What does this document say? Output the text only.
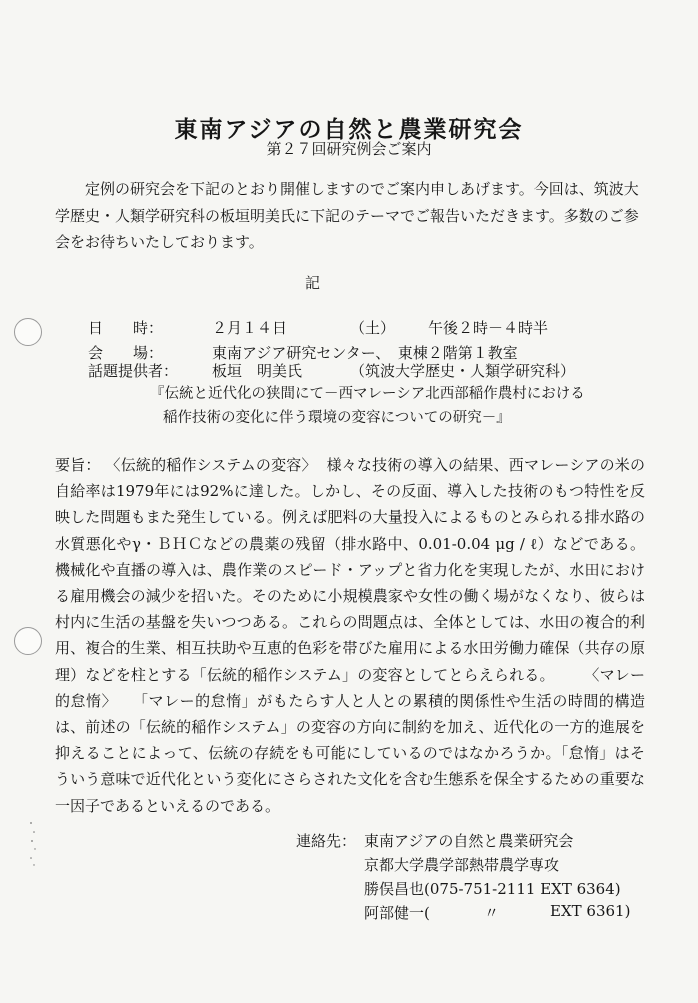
東南アジアの自然と農業研究会
第２７回研究例会ご案内
定例の研究会を下記のとおり開催しますのでご案内申しあげます。今回は、筑波大学歴史・人類学研究科の板垣明美氏に下記のテーマでご報告いただきます。多数のご参会をお待ちいたしております。
記
日　　時：	２月１４日	（土） 午後２時－４時半
会　　場：	東南アジア研究センター、　東棟２階第１教室
話題提供者： 板垣　明美氏	（筑波大学歴史・人類学研究科）
『伝統と近代化の狭間にて－西マレーシア北西部稲作農村における
稲作技術の変化に伴う環境の変容についての研究－』
要旨： 〈伝統的稲作システムの変容〉 様々な技術の導入の結果、西マレーシアの米の自給率は1979年には92%に達した。しかし、その反面、導入した技術のもつ特性を反映した問題もまた発生している。例えば肥料の大量投入によるものとみられる排水路の水質悪化やγ・ＢＨＣなどの農薬の残留（排水路中、0.01-0.04 μg / ℓ）などである。機械化や直播の導入は、農作業のスピード・アップと省力化を実現したが、水田における雇用機会の減少を招いた。そのために小規模農家や女性の働く場がなくなり、彼らは村内に生活の基盤を失いつつある。これらの問題点は、全体としては、水田の複合的利用、複合的生業、相互扶助や互恵的色彩を帯びた雇用による水田労働力確保（共存の原理）などを柱とする「伝統的稲作システム」の変容としてとらえられる。 〈マレー的怠惰〉 「マレー的怠惰」がもたらす人と人との累積的関係性や生活の時間的構造は、前述の「伝統的稲作システム」の変容の方向に制約を加え、近代化の一方的進展を抑えることによって、伝統の存続をも可能にしているのではなかろうか。「怠惰」はそういう意味で近代化という変化にさらされた文化を含む生態系を保全するための重要な一因子であるといえるのである。
連絡先： 東南アジアの自然と農業研究会
京都大学農学部熱帯農学専攻
勝俣昌也(075-751-2111 EXT 6364)
阿部健一(	〃	EXT 6361)
